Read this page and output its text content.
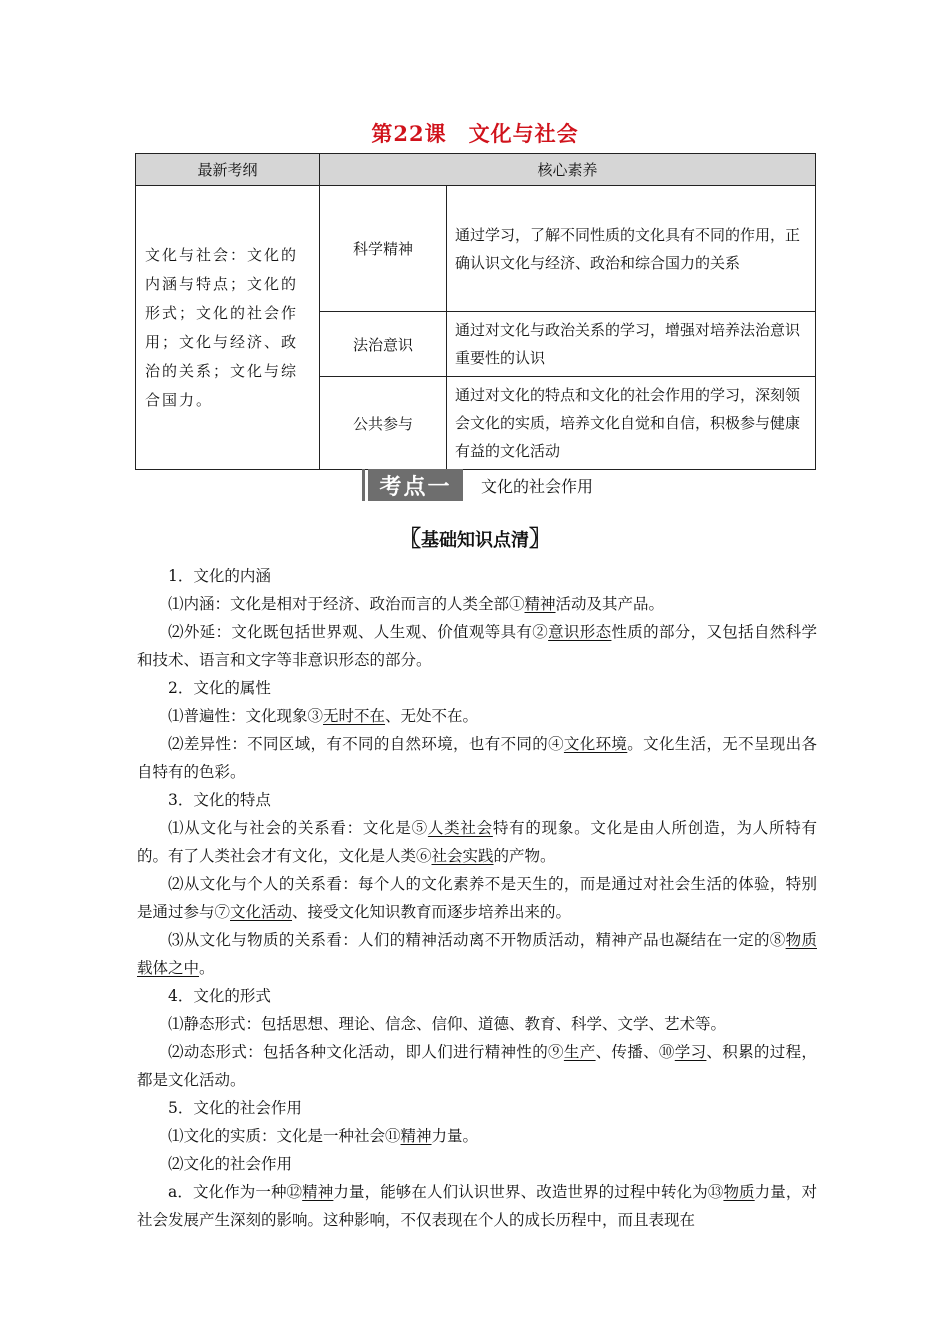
第22课 文化与社会
最新考纲	核心素养	
文化与社会：文化的内涵与特点；文化的形式；文化的社会作用；文化与经济、政治的关系；文化与综合国力。	科学精神	通过学习，了解不同性质的文化具有不同的作用，正确认识文化与经济、政治和综合国力的关系
	法治意识	通过对文化与政治关系的学习，增强对培养法治意识重要性的认识
	公共参与	通过对文化的特点和文化的社会作用的学习，深刻领会文化的实质，培养文化自觉和自信，积极参与健康有益的文化活动
考点一	文化的社会作用
〖基础知识点清〗

1．文化的内涵

⑴内涵：文化是相对于经济、政治而言的人类全部①精神活动及其产品。

⑵外延：文化既包括世界观、人生观、价值观等具有②意识形态性质的部分，又包括自然科学和技术、语言和文字等非意识形态的部分。

2．文化的属性

⑴普遍性：文化现象③无时不在、无处不在。

⑵差异性：不同区域，有不同的自然环境，也有不同的④文化环境。文化生活，无不呈现出各自特有的色彩。

3．文化的特点

⑴从文化与社会的关系看：文化是⑤人类社会特有的现象。文化是由人所创造，为人所特有的。有了人类社会才有文化，文化是人类⑥社会实践的产物。

⑵从文化与个人的关系看：每个人的文化素养不是天生的，而是通过对社会生活的体验，特别是通过参与⑦文化活动、接受文化知识教育而逐步培养出来的。

⑶从文化与物质的关系看：人们的精神活动离不开物质活动，精神产品也凝结在一定的⑧物质载体之中。

4．文化的形式

⑴静态形式：包括思想、理论、信念、信仰、道德、教育、科学、文学、艺术等。

⑵动态形式：包括各种文化活动，即人们进行精神性的⑨生产、传播、⑩学习、积累的过程，都是文化活动。

5．文化的社会作用

⑴文化的实质：文化是一种社会⑪精神力量。

⑵文化的社会作用

a．文化作为一种⑫精神力量，能够在人们认识世界、改造世界的过程中转化为⑬物质力量，对社会发展产生深刻的影响。这种影响，不仅表现在个人的成长历程中，而且表现在
